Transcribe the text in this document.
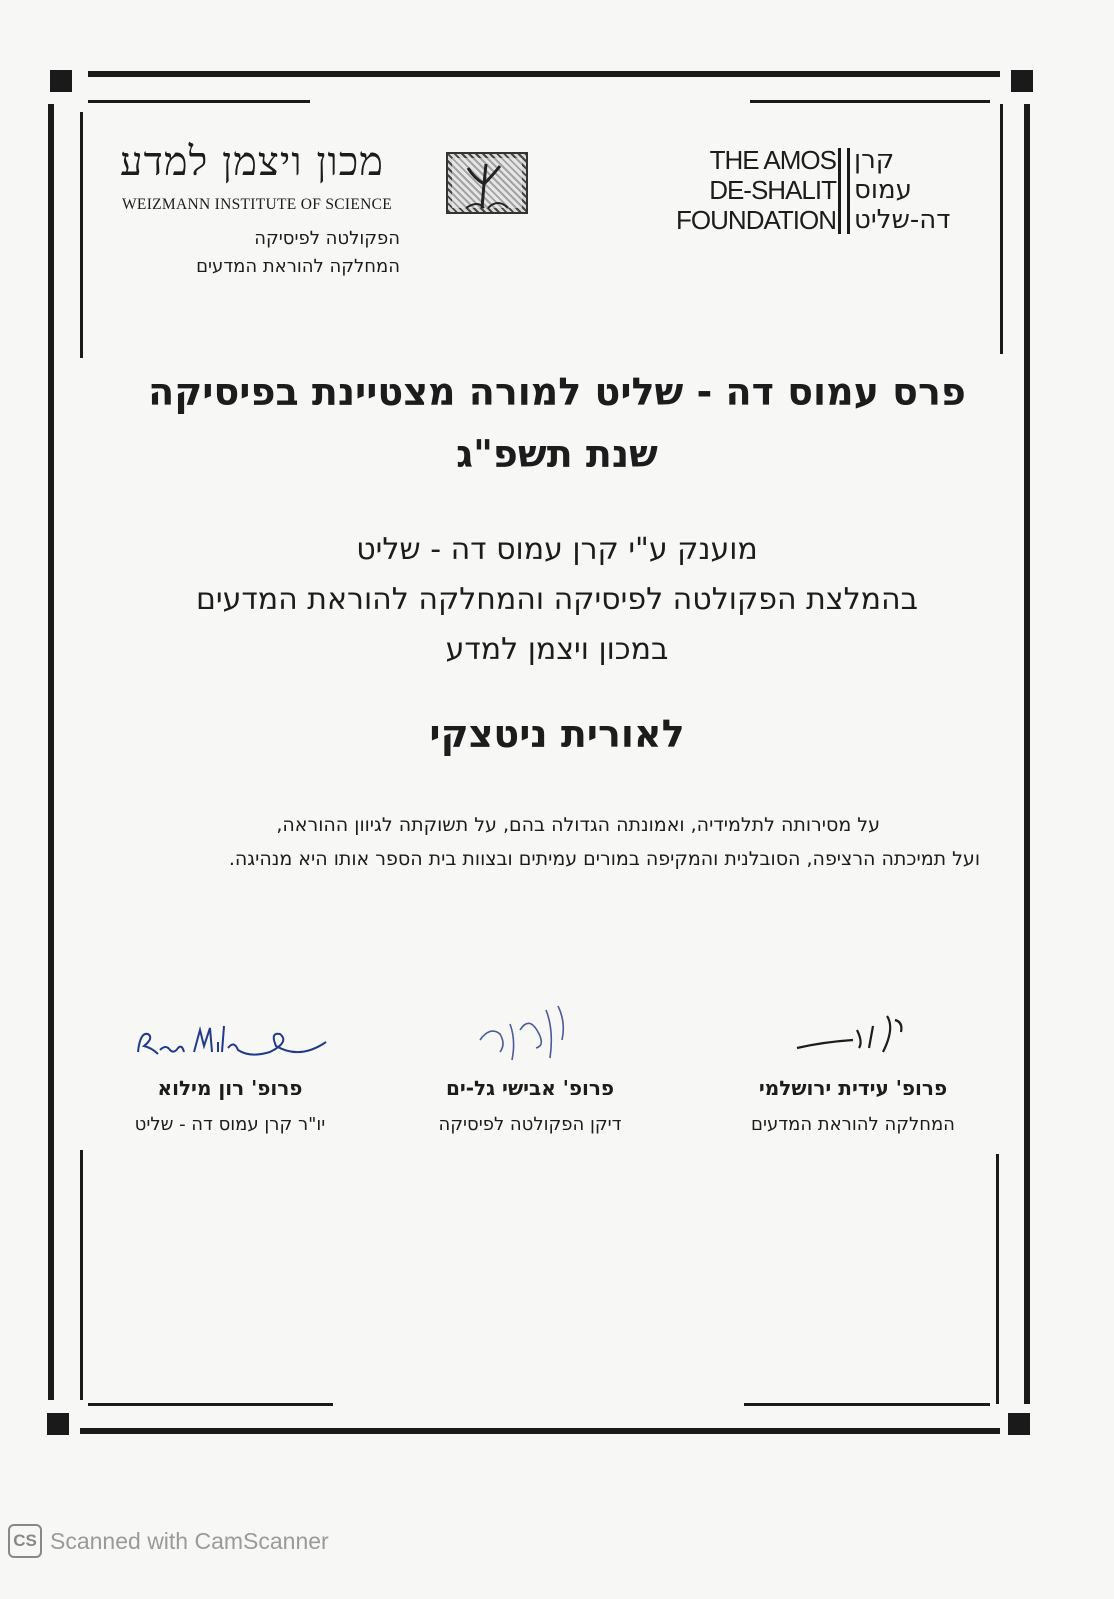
מכון ויצמן למדע
WEIZMANN INSTITUTE OF SCIENCE
הפקולטה לפיסיקה
המחלקה להוראת המדעים
THE AMOS
DE-SHALIT
FOUNDATION
קרן
עמוס
דה-שליט
פרס עמוס דה - שליט למורה מצטיינת בפיסיקה
שנת תשפ"ג
מוענק ע"י קרן עמוס דה - שליט
בהמלצת הפקולטה לפיסיקה והמחלקה להוראת המדעים
במכון ויצמן למדע
לאורית ניטצקי
על מסירותה לתלמידיה, ואמונתה הגדולה בהם, על תשוקתה לגיוון ההוראה,
ועל תמיכתה הרציפה, הסובלנית והמקיפה במורים עמיתים ובצוות בית הספר אותו היא מנהיגה.
פרופ' רון מילוא
יו"ר קרן עמוס דה - שליט
פרופ' אבישי גל-ים
דיקן הפקולטה לפיסיקה
פרופ' עידית ירושלמי
המחלקה להוראת המדעים
CS Scanned with CamScanner
